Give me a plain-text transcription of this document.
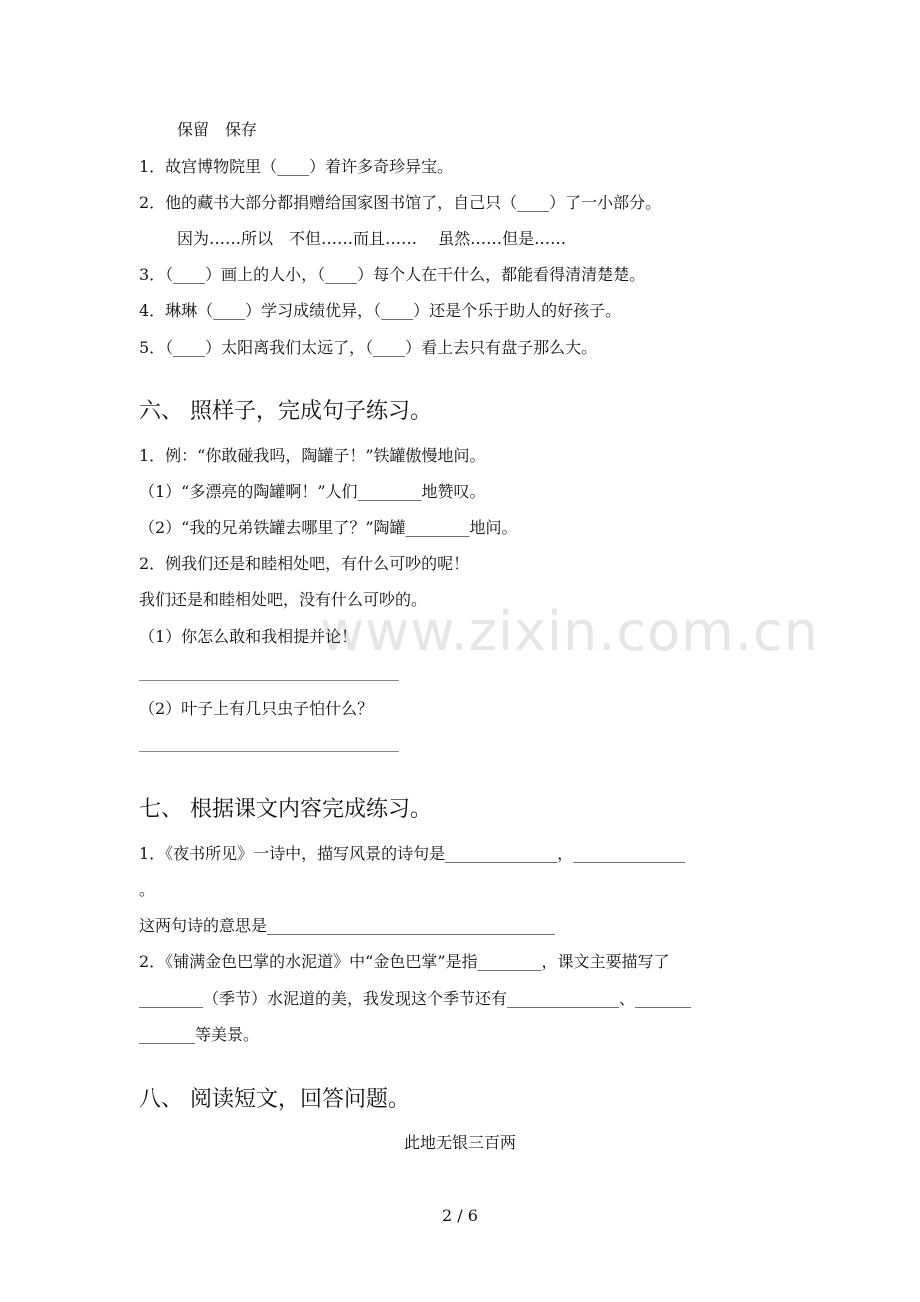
www.zixin.com.cn
保留　保存
1．故宫博物院里（____）着许多奇珍异宝。
2．他的藏书大部分都捐赠给国家图书馆了，自己只（____）了一小部分。
因为……所以　不但……而且……　 虽然……但是……
3．（____）画上的人小，（____）每个人在干什么，都能看得清清楚楚。
4．琳琳（____）学习成绩优异，（____）还是个乐于助人的好孩子。
5．（____）太阳离我们太远了，（____）看上去只有盘子那么大。
六、 照样子，完成句子练习。
1．例：“你敢碰我吗，陶罐子！”铁罐傲慢地问。
（1）“多漂亮的陶罐啊！”人们________地赞叹。
（2）“我的兄弟铁罐去哪里了？”陶罐________地问。
2．例我们还是和睦相处吧，有什么可吵的呢！
我们还是和睦相处吧，没有什么可吵的。
（1）你怎么敢和我相提并论！
（2）叶子上有几只虫子怕什么？
七、 根据课文内容完成练习。
1．《夜书所见》一诗中，描写风景的诗句是______________，______________
。
这两句诗的意思是____________________________________
2．《铺满金色巴掌的水泥道》中“金色巴掌”是指________，课文主要描写了
________（季节）水泥道的美，我发现这个季节还有______________、_______
_______等美景。
八、 阅读短文，回答问题。
此地无银三百两
2 / 6
